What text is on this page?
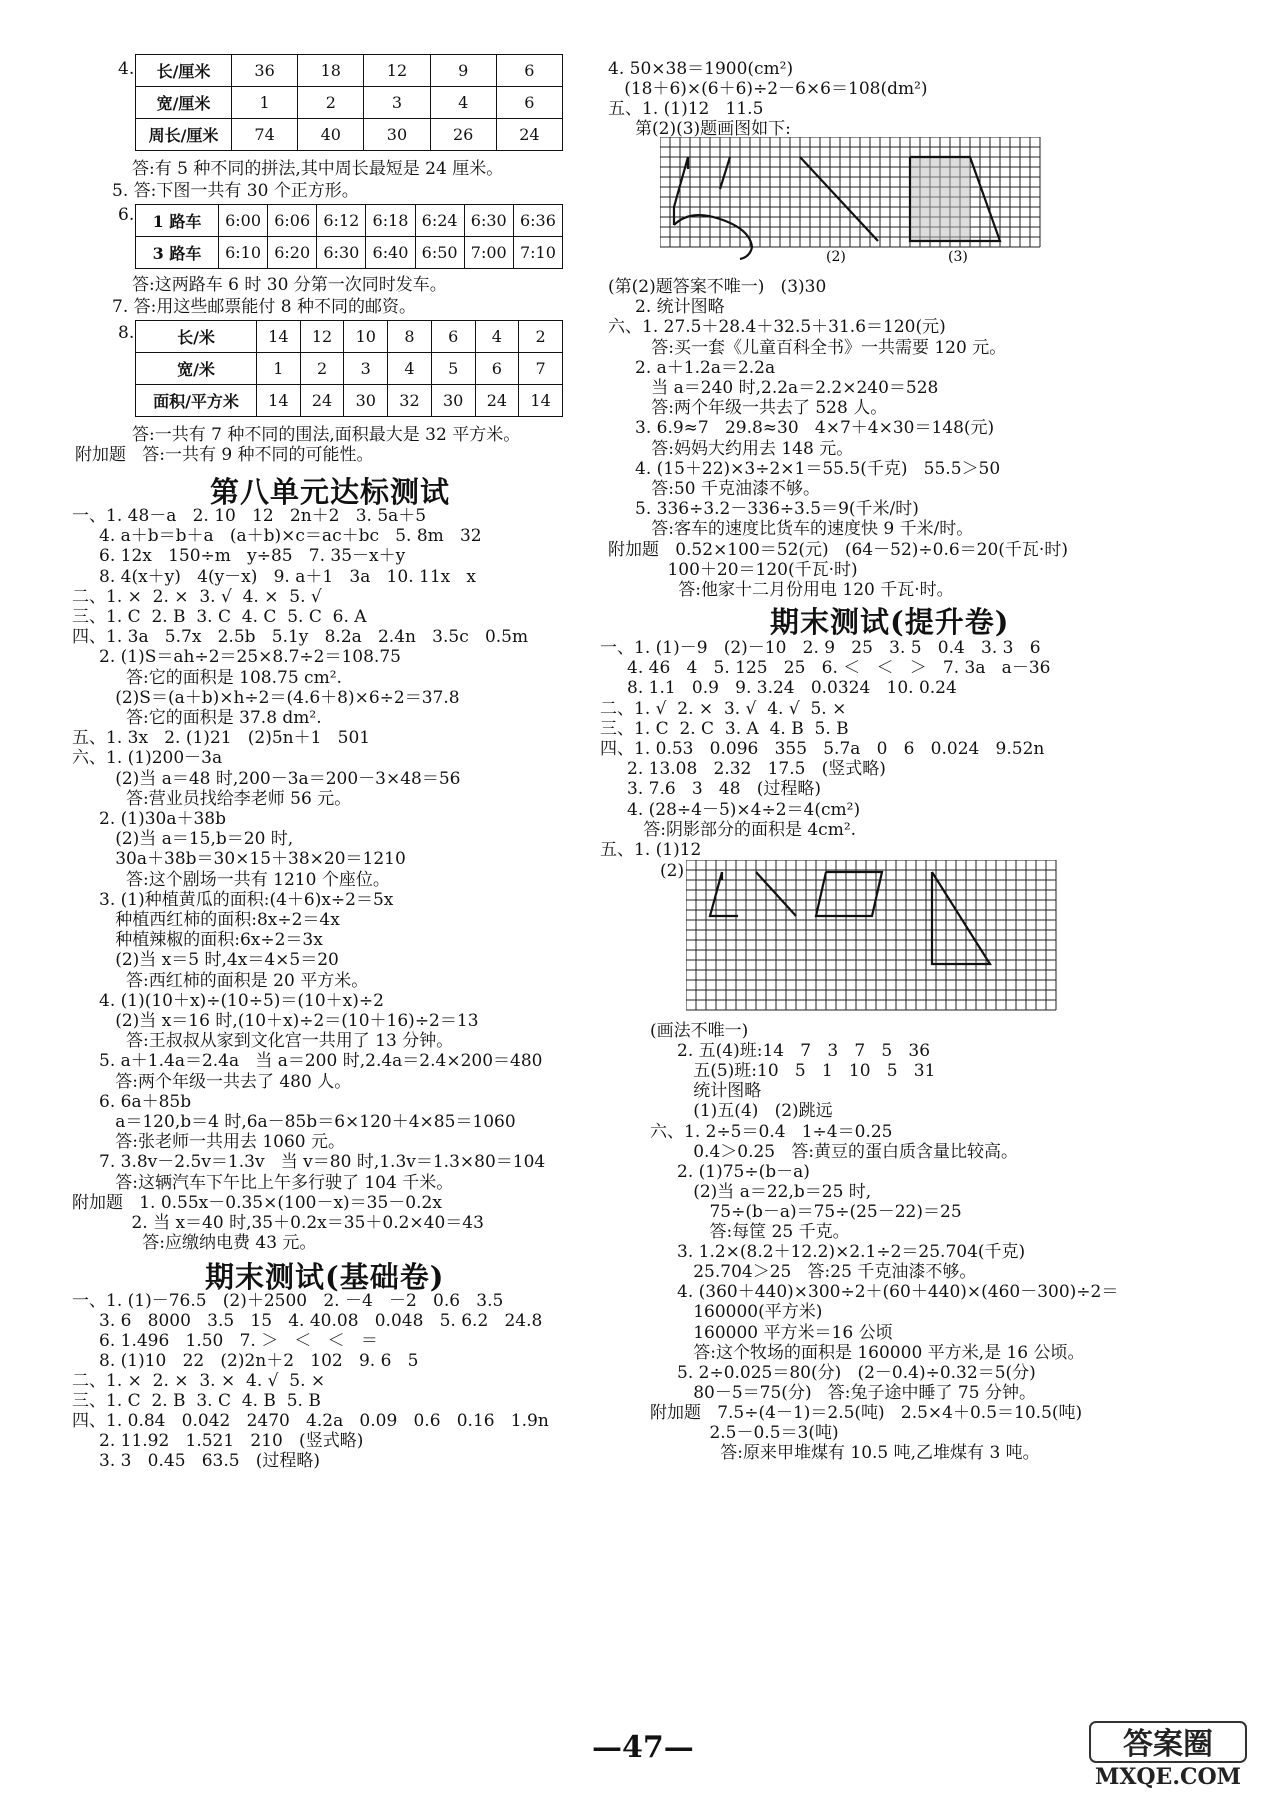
4. 长/厘米	36	18	12	9	6
宽/厘米	1	2	3	4	6
周长/厘米	74	40	30	26	24
答:有 5 种不同的拼法,其中周长最短是 24 厘米。
5. 答:下图一共有 30 个正方形。
6. 1 路车	6:00	6:06	6:12	6:18	6:24	6:30	6:36
3 路车	6:10	6:20	6:30	6:40	6:50	7:00	7:10
答:这两路车 6 时 30 分第一次同时发车。
7. 答:用这些邮票能付 8 种不同的邮资。
8.	长/米	14	12	10	8	6	4	2
宽/米	1	2	3	4	5	6	7
面积/平方米	14	24	30	32	30	24	14
答:一共有 7 种不同的围法,面积最大是 32 平方米。
附加题   答:一共有 9 种不同的可能性。
第八单元达标测试
一、1. 48－a   2. 10   12   2n＋2   3. 5a＋5
4. a＋b＝b＋a   (a＋b)×c＝ac＋bc   5. 8m   32
6. 12x   150÷m   y÷85   7. 35－x＋y
8. 4(x＋y)   4(y－x)   9. a＋1   3a   10. 11x   x
二、1. ×  2. ×  3. √  4. ×  5. √
三、1. C  2. B  3. C  4. C  5. C  6. A
四、1. 3a   5.7x   2.5b   5.1y   8.2a   2.4n   3.5c   0.5m
2. (1)S＝ah÷2＝25×8.7÷2＝108.75
答:它的面积是 108.75 cm².
(2)S＝(a＋b)×h÷2＝(4.6＋8)×6÷2＝37.8
答:它的面积是 37.8 dm².
五、1. 3x   2. (1)21   (2)5n＋1   501
六、1. (1)200－3a
(2)当 a＝48 时,200－3a＝200－3×48＝56
答:营业员找给李老师 56 元。
2. (1)30a＋38b
(2)当 a＝15,b＝20 时,
30a＋38b＝30×15＋38×20＝1210
答:这个剧场一共有 1210 个座位。
3. (1)种植黄瓜的面积:(4＋6)x÷2＝5x
种植西红柿的面积:8x÷2＝4x
种植辣椒的面积:6x÷2＝3x
(2)当 x＝5 时,4x＝4×5＝20
答:西红柿的面积是 20 平方米。
4. (1)(10＋x)÷(10÷5)＝(10＋x)÷2
(2)当 x＝16 时,(10＋x)÷2＝(10＋16)÷2＝13
答:王叔叔从家到文化宫一共用了 13 分钟。
5. a＋1.4a＝2.4a   当 a＝200 时,2.4a＝2.4×200＝480
答:两个年级一共去了 480 人。
6. 6a＋85b
a＝120,b＝4 时,6a－85b＝6×120＋4×85＝1060
答:张老师一共用去 1060 元。
7. 3.8v－2.5v＝1.3v   当 v＝80 时,1.3v＝1.3×80＝104
答:这辆汽车下午比上午多行驶了 104 千米。
附加题   1. 0.55x－0.35×(100－x)＝35－0.2x
2. 当 x＝40 时,35＋0.2x＝35＋0.2×40＝43
答:应缴纳电费 43 元。
期末测试(基础卷)
一、1. (1)－76.5   (2)＋2500   2. －4   －2   0.6   3.5
3. 6   8000   3.5   15   4. 40.08   0.048   5. 6.2   24.8
6. 1.496   1.50   7. ＞   ＜   ＜   ＝
8. (1)10   22   (2)2n＋2   102   9. 6   5
二、1. ×  2. ×  3. ×  4. √  5. ×
三、1. C  2. B  3. C  4. B  5. B
四、1. 0.84   0.042   2470   4.2a   0.09   0.6   0.16   1.9n
2. 11.92   1.521   210   (竖式略)
3. 3   0.45   63.5   (过程略)
4. 50×38＝1900(cm²)
(18＋6)×(6＋6)÷2－6×6＝108(dm²)
五、1. (1)12   11.5
第(2)(3)题画图如下:
(2)	(3)
(第(2)题答案不唯一)   (3)30
2. 统计图略
六、1. 27.5＋28.4＋32.5＋31.6＝120(元)
答:买一套《儿童百科全书》一共需要 120 元。
2. a＋1.2a＝2.2a
当 a＝240 时,2.2a＝2.2×240＝528
答:两个年级一共去了 528 人。
3. 6.9≈7   29.8≈30   4×7＋4×30＝148(元)
答:妈妈大约用去 148 元。
4. (15＋22)×3÷2×1＝55.5(千克)   55.5＞50
答:50 千克油漆不够。
5. 336÷3.2－336÷3.5＝9(千米/时)
答:客车的速度比货车的速度快 9 千米/时。
附加题   0.52×100＝52(元)   (64－52)÷0.6＝20(千瓦·时)
100＋20＝120(千瓦·时)
答:他家十二月份用电 120 千瓦·时。
期末测试(提升卷)
一、1. (1)－9   (2)－10   2. 9   25   3. 5   0.4   3. 3   6
4. 46   4   5. 125   25   6. ＜   ＜   ＞   7. 3a   a－36
8. 1.1   0.9   9. 3.24   0.0324   10. 0.24
二、1. √  2. ×  3. √  4. √  5. ×
三、1. C  2. C  3. A  4. B  5. B
四、1. 0.53   0.096   355   5.7a   0   6   0.024   9.52n
2. 13.08   2.32   17.5   (竖式略)
3. 7.6   3   48   (过程略)
4. (28÷4－5)×4÷2＝4(cm²)
答:阴影部分的面积是 4cm².
五、1. (1)12
(2)
(画法不唯一)
2. 五(4)班:14   7   3   7   5   36
五(5)班:10   5   1   10   5   31
统计图略
(1)五(4)   (2)跳远
六、1. 2÷5＝0.4   1÷4＝0.25
0.4＞0.25   答:黄豆的蛋白质含量比较高。
2. (1)75÷(b－a)
(2)当 a＝22,b＝25 时,
75÷(b－a)＝75÷(25－22)＝25
答:每筐 25 千克。
3. 1.2×(8.2＋12.2)×2.1÷2＝25.704(千克)
25.704＞25   答:25 千克油漆不够。
4. (360＋440)×300÷2＋(60＋440)×(460－300)÷2＝
160000(平方米)
160000 平方米＝16 公顷
答:这个牧场的面积是 160000 平方米,是 16 公顷。
5. 2÷0.025＝80(分)   (2－0.4)÷0.32＝5(分)
80－5＝75(分)   答:兔子途中睡了 75 分钟。
附加题   7.5÷(4－1)＝2.5(吨)   2.5×4＋0.5＝10.5(吨)
2.5－0.5＝3(吨)
答:原来甲堆煤有 10.5 吨,乙堆煤有 3 吨。
—47—	答案圈
MXQE.COM
